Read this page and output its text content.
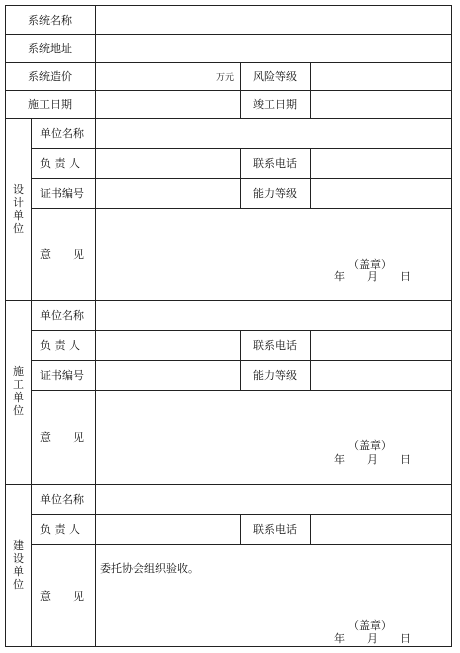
系统名称
系统地址
系统造价	万元 风险等级
施工日期	竣工日期
设计单位
单位名称
负 责 人	联系电话
证书编号	能力等级
意　　见
（盖章）
年　　月　　日
施工单位
单位名称
负 责 人	联系电话
证书编号	能力等级
意　　见
（盖章）
年　　月　　日
建设单位
单位名称
负 责 人	联系电话
意　　见
委托协会组织验收。
（盖章）
年　　月　　日
